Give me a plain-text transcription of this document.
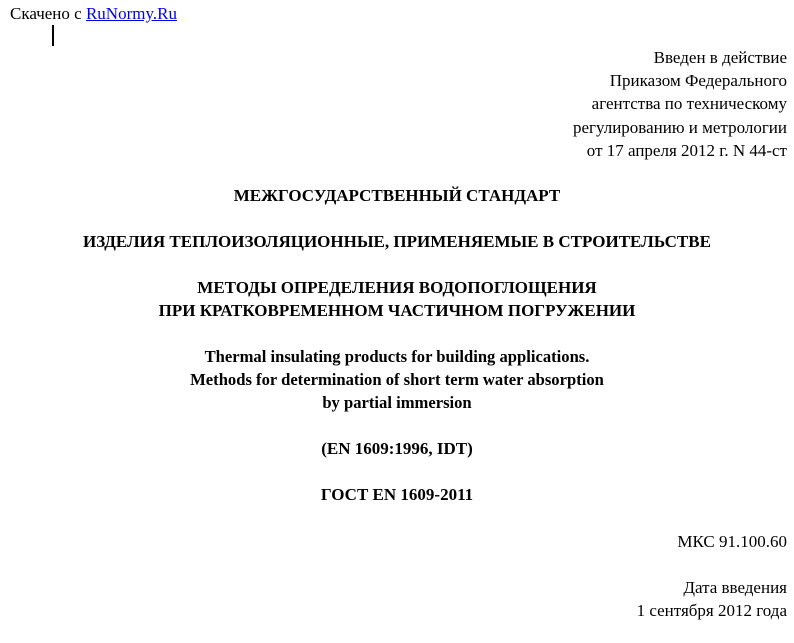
Скачено с RuNormy.Ru
Введен в действие
Приказом Федерального
агентства по техническому
регулированию и метрологии
от 17 апреля 2012 г. N 44-ст
МЕЖГОСУДАРСТВЕННЫЙ СТАНДАРТ
ИЗДЕЛИЯ ТЕПЛОИЗОЛЯЦИОННЫЕ, ПРИМЕНЯЕМЫЕ В СТРОИТЕЛЬСТВЕ
МЕТОДЫ ОПРЕДЕЛЕНИЯ ВОДОПОГЛОЩЕНИЯ
ПРИ КРАТКОВРЕМЕННОМ ЧАСТИЧНОМ ПОГРУЖЕНИИ
Thermal insulating products for building applications.
Methods for determination of short term water absorption
by partial immersion
(EN 1609:1996, IDT)
ГОСТ EN 1609-2011
МКС 91.100.60
Дата введения
1 сентября 2012 года
